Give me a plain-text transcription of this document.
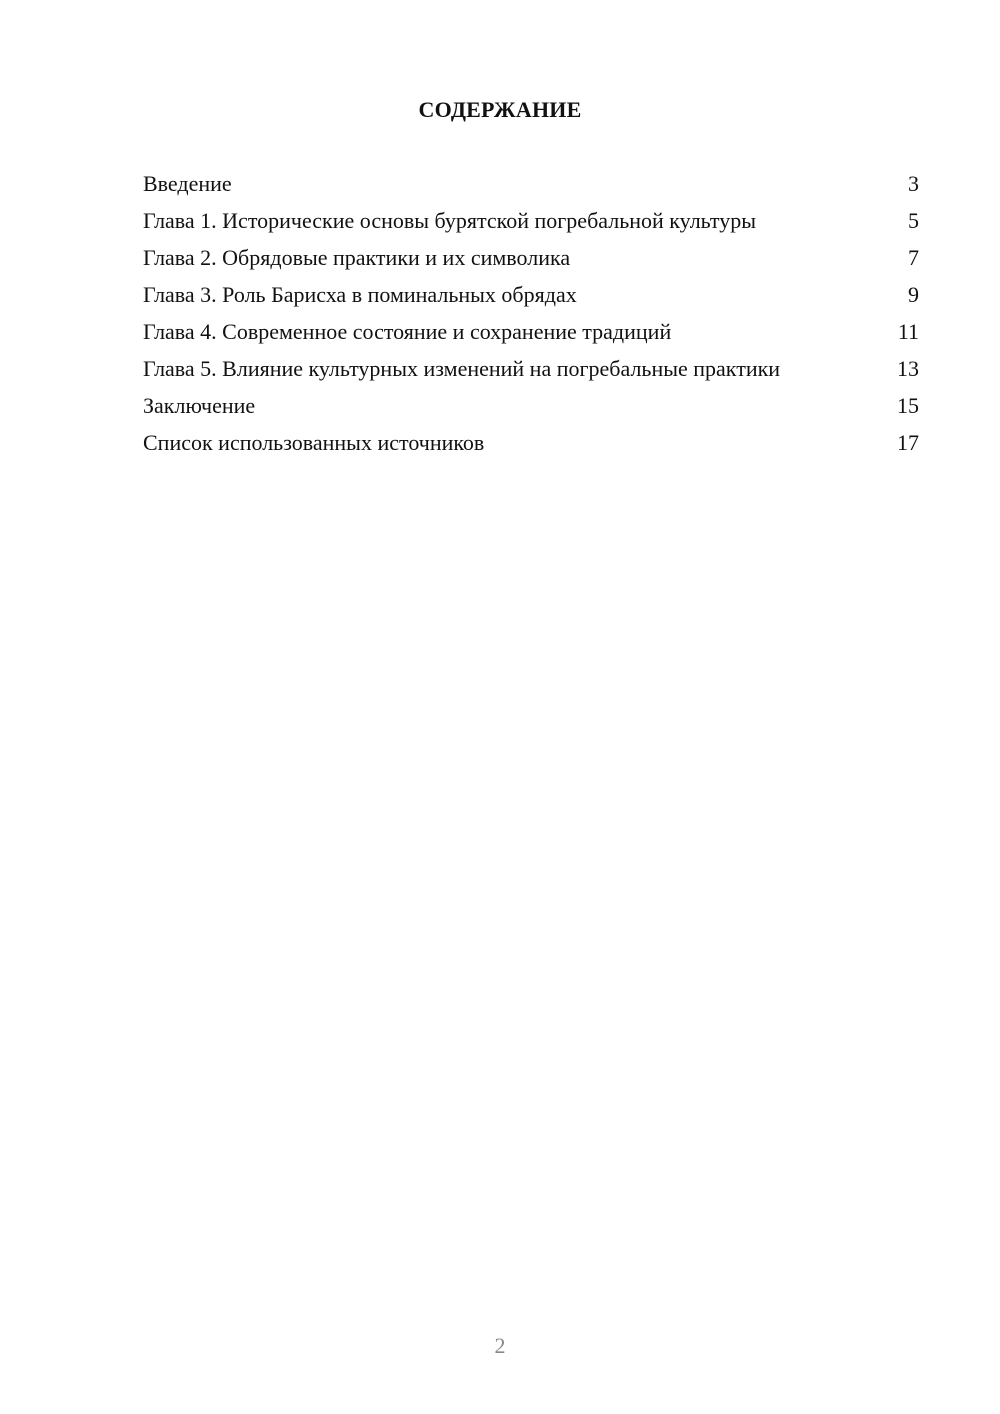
СОДЕРЖАНИЕ
Введение	3
Глава 1. Исторические основы бурятской погребальной культуры	5
Глава 2. Обрядовые практики и их символика	7
Глава 3. Роль Барисха в поминальных обрядах	9
Глава 4. Современное состояние и сохранение традиций	11
Глава 5. Влияние культурных изменений на погребальные практики	13
Заключение	15
Список использованных источников	17
2
